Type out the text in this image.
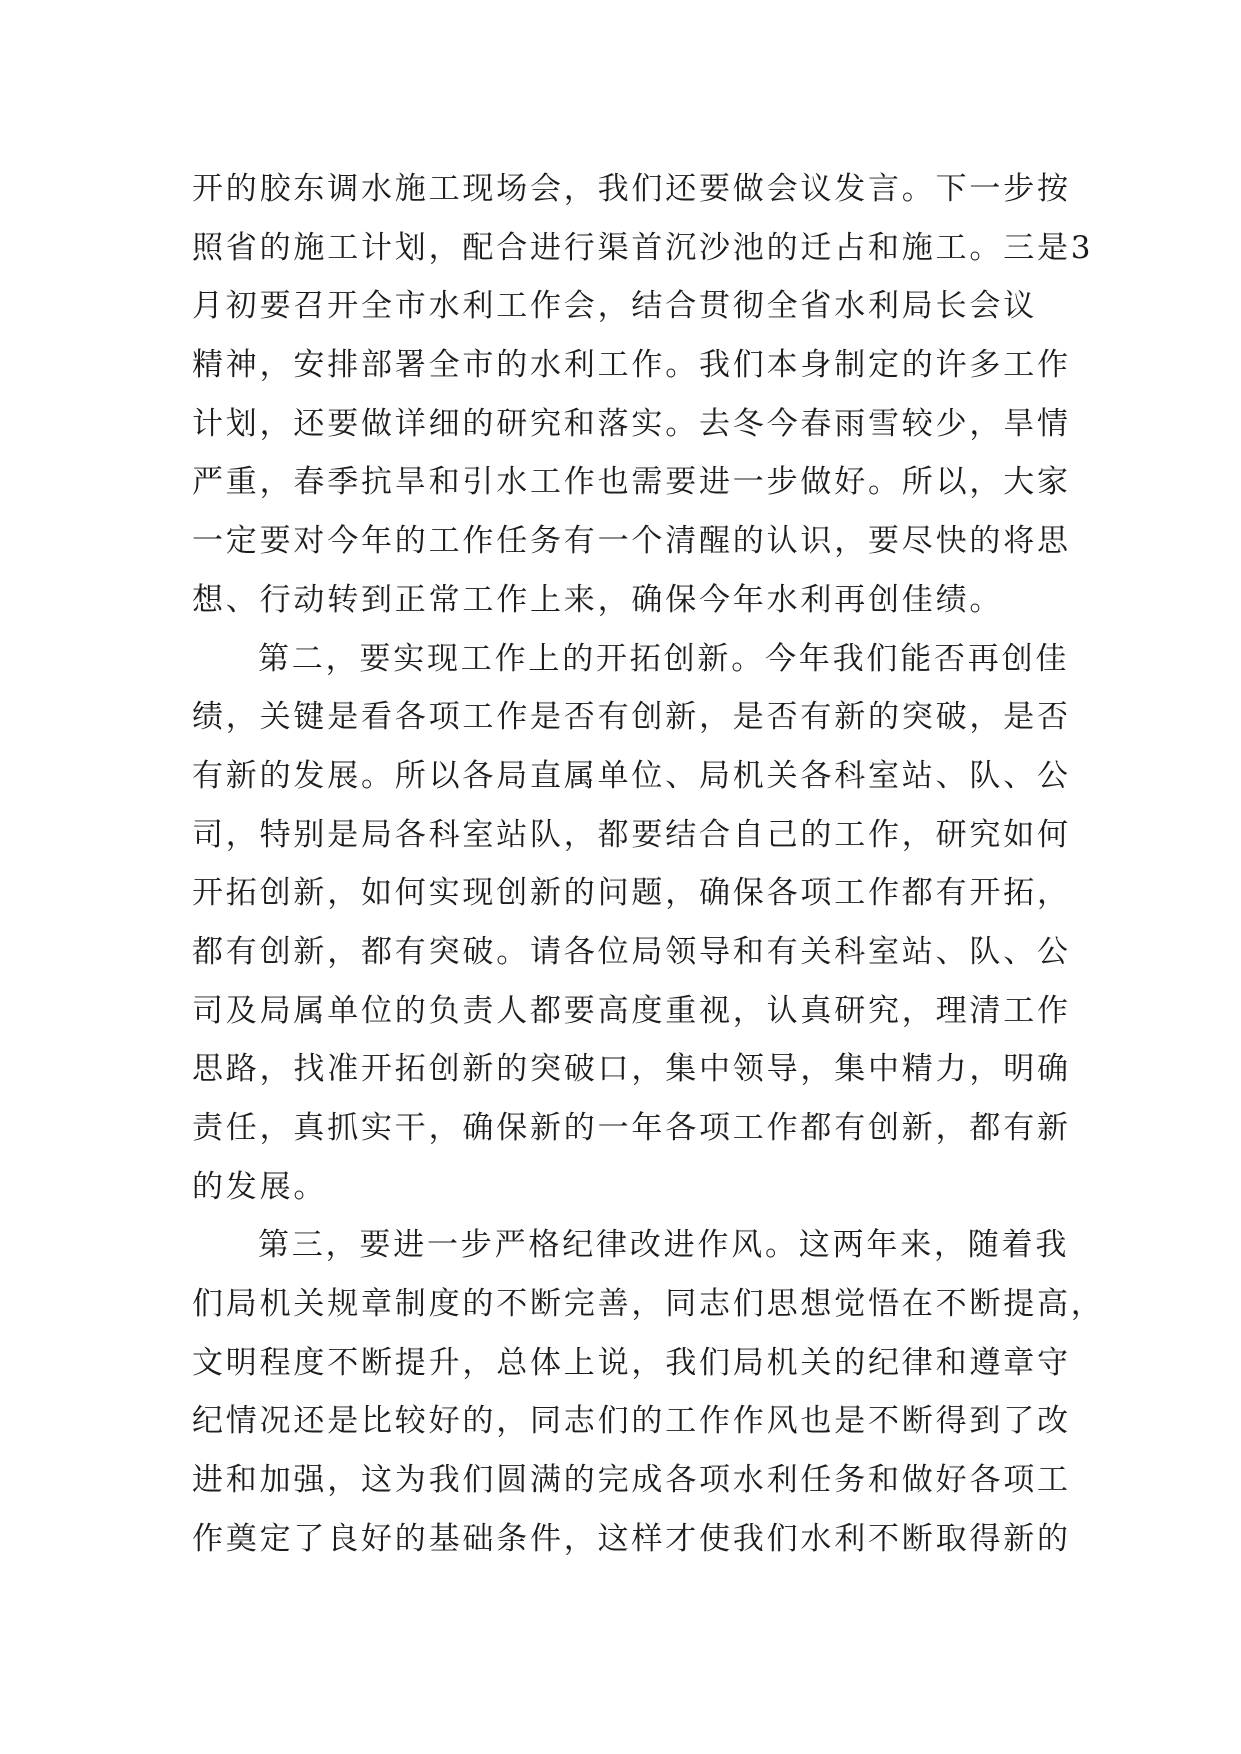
开的胶东调水施工现场会，我们还要做会议发言。下一步按
照省的施工计划，配合进行渠首沉沙池的迁占和施工。三是3
月初要召开全市水利工作会，结合贯彻全省水利局长会议
精神，安排部署全市的水利工作。我们本身制定的许多工作
计划，还要做详细的研究和落实。去冬今春雨雪较少，旱情
严重，春季抗旱和引水工作也需要进一步做好。所以，大家
一定要对今年的工作任务有一个清醒的认识，要尽快的将思
想、行动转到正常工作上来，确保今年水利再创佳绩。
第二，要实现工作上的开拓创新。今年我们能否再创佳
绩，关键是看各项工作是否有创新，是否有新的突破，是否
有新的发展。所以各局直属单位、局机关各科室站、队、公
司，特别是局各科室站队，都要结合自己的工作，研究如何
开拓创新，如何实现创新的问题，确保各项工作都有开拓，
都有创新，都有突破。请各位局领导和有关科室站、队、公
司及局属单位的负责人都要高度重视，认真研究，理清工作
思路，找准开拓创新的突破口，集中领导，集中精力，明确
责任，真抓实干，确保新的一年各项工作都有创新，都有新
的发展。
第三，要进一步严格纪律改进作风。这两年来，随着我
们局机关规章制度的不断完善，同志们思想觉悟在不断提高，
文明程度不断提升，总体上说，我们局机关的纪律和遵章守
纪情况还是比较好的，同志们的工作作风也是不断得到了改
进和加强，这为我们圆满的完成各项水利任务和做好各项工
作奠定了良好的基础条件，这样才使我们水利不断取得新的
